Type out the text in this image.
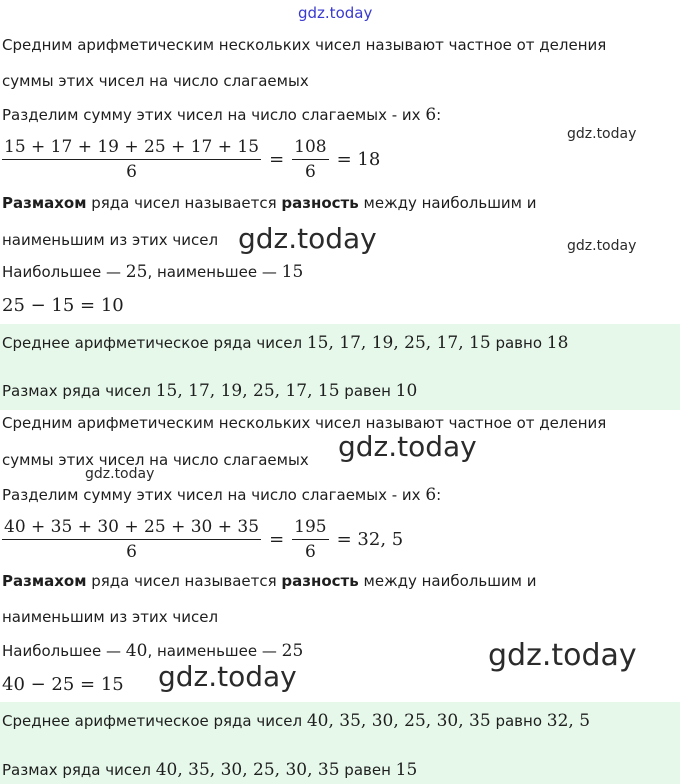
gdz.today
gdz.today
gdz.today	gdz.today
gdz.today
gdz.today
gdz.today
gdz.today
Средним арифметическим нескольких чисел называют частное от деления
суммы этих чисел на число слагаемых
Разделим сумму этих чисел на число слагаемых - их 6:
$\frac{15 + 17 + 19 + 25 + 17 + 15}{6} = \frac{108}{6} = 18$
Размахом ряда чисел называется разность между наибольшим и
наименьшим из этих чисел
Наибольшее — 25, наименьшее — 15
25 − 15 = 10
Среднее арифметическое ряда чисел 15, 17, 19, 25, 17, 15 равно 18
Размах ряда чисел 15, 17, 19, 25, 17, 15 равен 10
Средним арифметическим нескольких чисел называют частное от деления
суммы этих чисел на число слагаемых
Разделим сумму этих чисел на число слагаемых - их 6:
$\frac{40 + 35 + 30 + 25 + 30 + 35}{6} = \frac{195}{6} = 32$, 5
Размахом ряда чисел называется разность между наибольшим и
наименьшим из этих чисел
Наибольшее — 40, наименьшее — 25
40 − 25 = 15
Среднее арифметическое ряда чисел 40, 35, 30, 25, 30, 35 равно 32, 5
Размах ряда чисел 40, 35, 30, 25, 30, 35 равен 15
